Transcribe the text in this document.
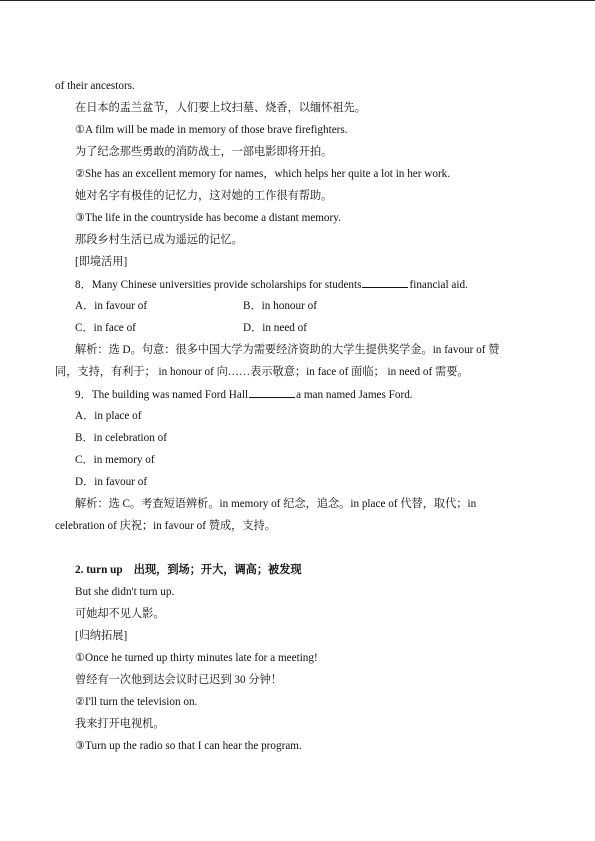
of their ancestors.
在日本的盂兰盆节，人们要上坟扫墓、烧香，以缅怀祖先。
①A film will be made in memory of those brave firefighters.
为了纪念那些勇敢的消防战士，一部电影即将开拍。
②She has an excellent memory for names，which helps her quite a lot in her work.
她对名字有极佳的记忆力，这对她的工作很有帮助。
③The life in the countryside has become a distant memory.
那段乡村生活已成为遥远的记忆。
[即境活用]
8．Many Chinese universities provide scholarships for students	financial aid.
A．in favour of	B．in honour of
C．in face of	D．in need of
解析：选 D。句意：很多中国大学为需要经济资助的大学生提供奖学金。in favour of 赞
同，支持，有利于； in honour of 向……表示敬意；in face of 面临； in need of 需要。
9．The building was named Ford Hall	a man named James Ford.
A．in place of
B．in celebration of
C．in memory of
D．in favour of
解析：选 C。考查短语辨析。in memory of 纪念，追念。in place of 代替，取代；in
celebration of 庆祝；in favour of 赞成，支持。
2. turn up　出现，到场；开大，调高；被发现
But she didn't turn up.
可她却不见人影。
[归纳拓展]
①Once he turned up thirty minutes late for a meeting!
曾经有一次他到达会议时已迟到 30 分钟！
②I'll turn the television on.
我来打开电视机。
③Turn up the radio so that I can hear the program.
